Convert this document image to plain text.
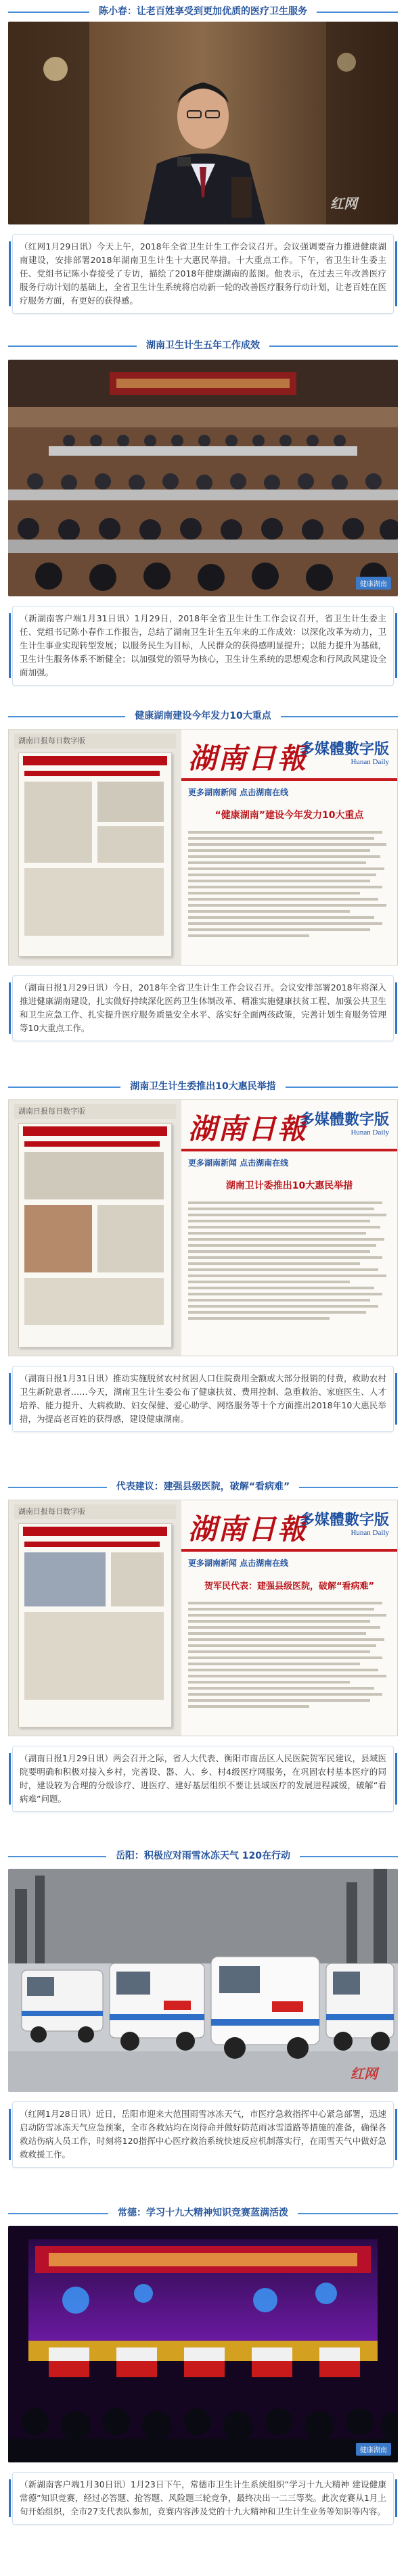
陈小春：让老百姓享受到更加优质的医疗卫生服务
红网
（红网1月29日讯）今天上午，2018年全省卫生计生工作会议召开。会议强调要奋力推进健康湖南建设，安排部署2018年湖南卫生计生十大惠民举措。十大重点工作。下午，省卫生计生委主任、党组书记陈小春接受了专访，描绘了2018年健康湖南的蓝图。他表示，在过去三年改善医疗服务行动计划的基础上，全省卫生计生系统将启动新一轮的改善医疗服务行动计划，让老百姓在医疗服务方面，有更好的获得感。
湖南卫生计生五年工作成效
健康湖南
（新湖南客户端1月31日讯）1月29日，2018年全省卫生计生工作会议召开，省卫生计生委主任、党组书记陈小春作工作报告，总结了湖南卫生计生五年来的工作成效：以深化改革为动力，卫生计生事业实现转型发展；以服务民生为目标，人民群众的获得感明显提升；以能力提升为基础，卫生计生服务体系不断健全；以加强党的领导为核心，卫生计生系统的思想观念和行风政风建设全面加强。
健康湖南建设今年发力10大重点
湖南日报每日数字版
湖南日報
多媒體數字版
Hunan Daily
更多湖南新闻 点击湖南在线
“健康湖南”建设今年发力10大重点
（湖南日报1月29日讯）今日，2018年全省卫生计生工作会议召开。会议安排部署2018年将深入推进健康湖南建设，扎实做好持续深化医药卫生体制改革、精准实施健康扶贫工程、加强公共卫生和卫生应急工作、扎实提升医疗服务质量安全水平、落实好全面两孩政策，完善计划生育服务管理等10大重点工作。
湖南卫生计生委推出10大惠民举措
湖南日报每日数字版
湖南日報
多媒體數字版
Hunan Daily
更多湖南新闻 点击湖南在线
湖南卫计委推出10大惠民举措
（湖南日报1月31日讯）推动实施脱贫农村贫困人口住院费用全额或大部分报销的付费，救助农村卫生新院患者……今天，湖南卫生计生委公布了健康扶贫、费用控制、急重救治、家庭医生、人才培养、能力提升、大病救助、妇女保健、爱心助学、网络服务等十个方面推出2018年10大惠民举措，为提高老百姓的获得感，建设健康湖南。
代表建议：建强县级医院，破解“看病难”
湖南日报每日数字版
湖南日報
多媒體數字版
Hunan Daily
更多湖南新闻 点击湖南在线
贺军民代表：建强县级医院，破解“看病难”
（湖南日报1月29日讯）两会召开之际，省人大代表、衡阳市南岳区人民医院贺军民建议，县域医院要明确和积极对接入乡村，完善设、器、人、乡、村4级医疗网服务，在巩固农村基本医疗的同时，建设较为合理的分级诊疗、进医疗、建好基层组织不要让县域医疗的发展进程减缓，破解“看病难”问题。
岳阳：积极应对雨雪冰冻天气 120在行动
红网
（红网1月28日讯）近日，岳阳市迎来大范围雨雪冰冻天气，市医疗急救指挥中心紧急部署，迅速启动防雪冰冻天气应急预案，全市各救站均在岗待命并做好防范雨冰雪道路等措施的准备，确保各救站伤病人员工作，时刻将120指挥中心医疗救治系统快速反应机制落实行，在雨雪天气中做好急救救援工作。
常德：学习十九大精神知识竞赛蓝满活泼
健康湖南
（新湖南客户端1月30日讯）1月23日下午，常德市卫生计生系统组织“学习十九大精神 建设健康常德”知识竞赛，经过必答题、抢答题、风险题三轮竞争，最终决出一二三等奖。此次竞赛从1月上旬开始组织，全市27支代表队参加，竞赛内容涉及党的十九大精神和卫生计生业务等知识等内容。
